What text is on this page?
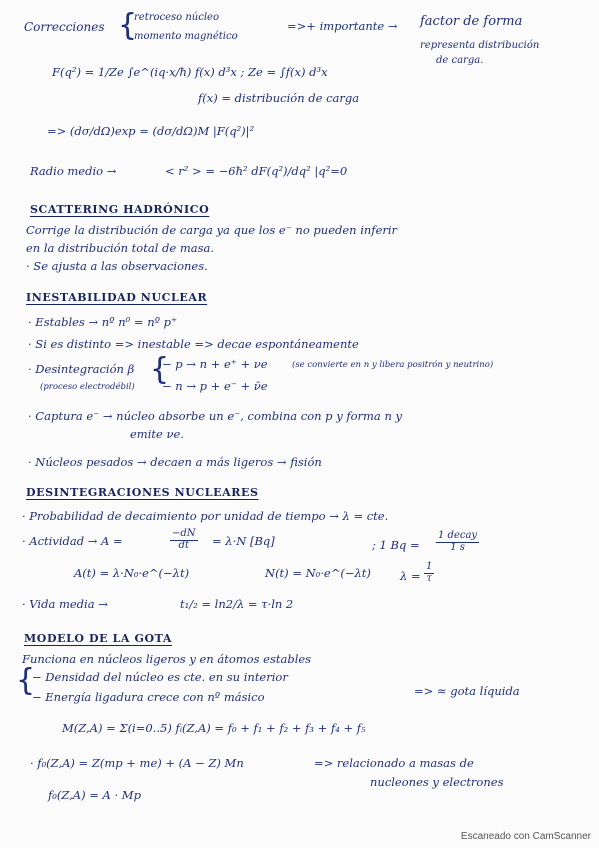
Correcciones {
retroceso núcleo
momento magnético
=>+ importante → factor de forma
representa distribución
de carga.
F(q²) = 1/Ze ∫e^(iq·x/ħ) f(x) d³x ; Ze = ∫f(x) d³x
f(x) = distribución de carga
=> (dσ/dΩ)exp = (dσ/dΩ)M |F(q²)|²
Radio medio →	< r² > = −6ħ² dF(q²)/dq² |q²=0
SCATTERING HADRÓNICO
Corrige la distribución de carga ya que los e⁻ no pueden inferir
en la distribución total de masa.
· Se ajusta a las observaciones.
INESTABILIDAD NUCLEAR
· Estables → nº n⁰ = nº p⁺
· Si es distinto => inestable => decae espontáneamente
· Desintegración β
(proceso electrodébil) {
− p → n + e⁺ + νe	(se convierte en n y libera positrón y neutrino)
− n → p + e⁻ + ν̄e
· Captura e⁻ → núcleo absorbe un e⁻, combina con p y forma n y
emite νe.
· Núcleos pesados → decaen a más ligeros → fisión
DESINTEGRACIONES NUCLEARES
· Probabilidad de decaimiento por unidad de tiempo → λ = cte.
· Actividad → A =	$\frac{-dN}{dt} = \lambda\cdot N$ [Bq]	; 1 Bq =
1 decay
1 s
A(t) = λ·N₀·e^(−λt)	N(t) = N₀·e^(−λt)	$\lambda = \frac{1}{\tau}$
· Vida media →	t₁/₂ = ln2/λ = τ·ln 2
MODELO DE LA GOTA
Funciona en núcleos ligeros y en átomos estables
{
− Densidad del núcleo es cte. en su interior
− Energía ligadura crece con nº másico	=> ≈ gota líquida
M(Z,A) = Σ(i=0..5) fᵢ(Z,A) = f₀ + f₁ + f₂ + f₃ + f₄ + f₅
· f₀(Z,A) = Z(mp + me) + (A − Z) Mn	=> relacionado a masas de
nucleones y electrones
f₀(Z,A) = A · Mp
Escaneado con CamScanner
